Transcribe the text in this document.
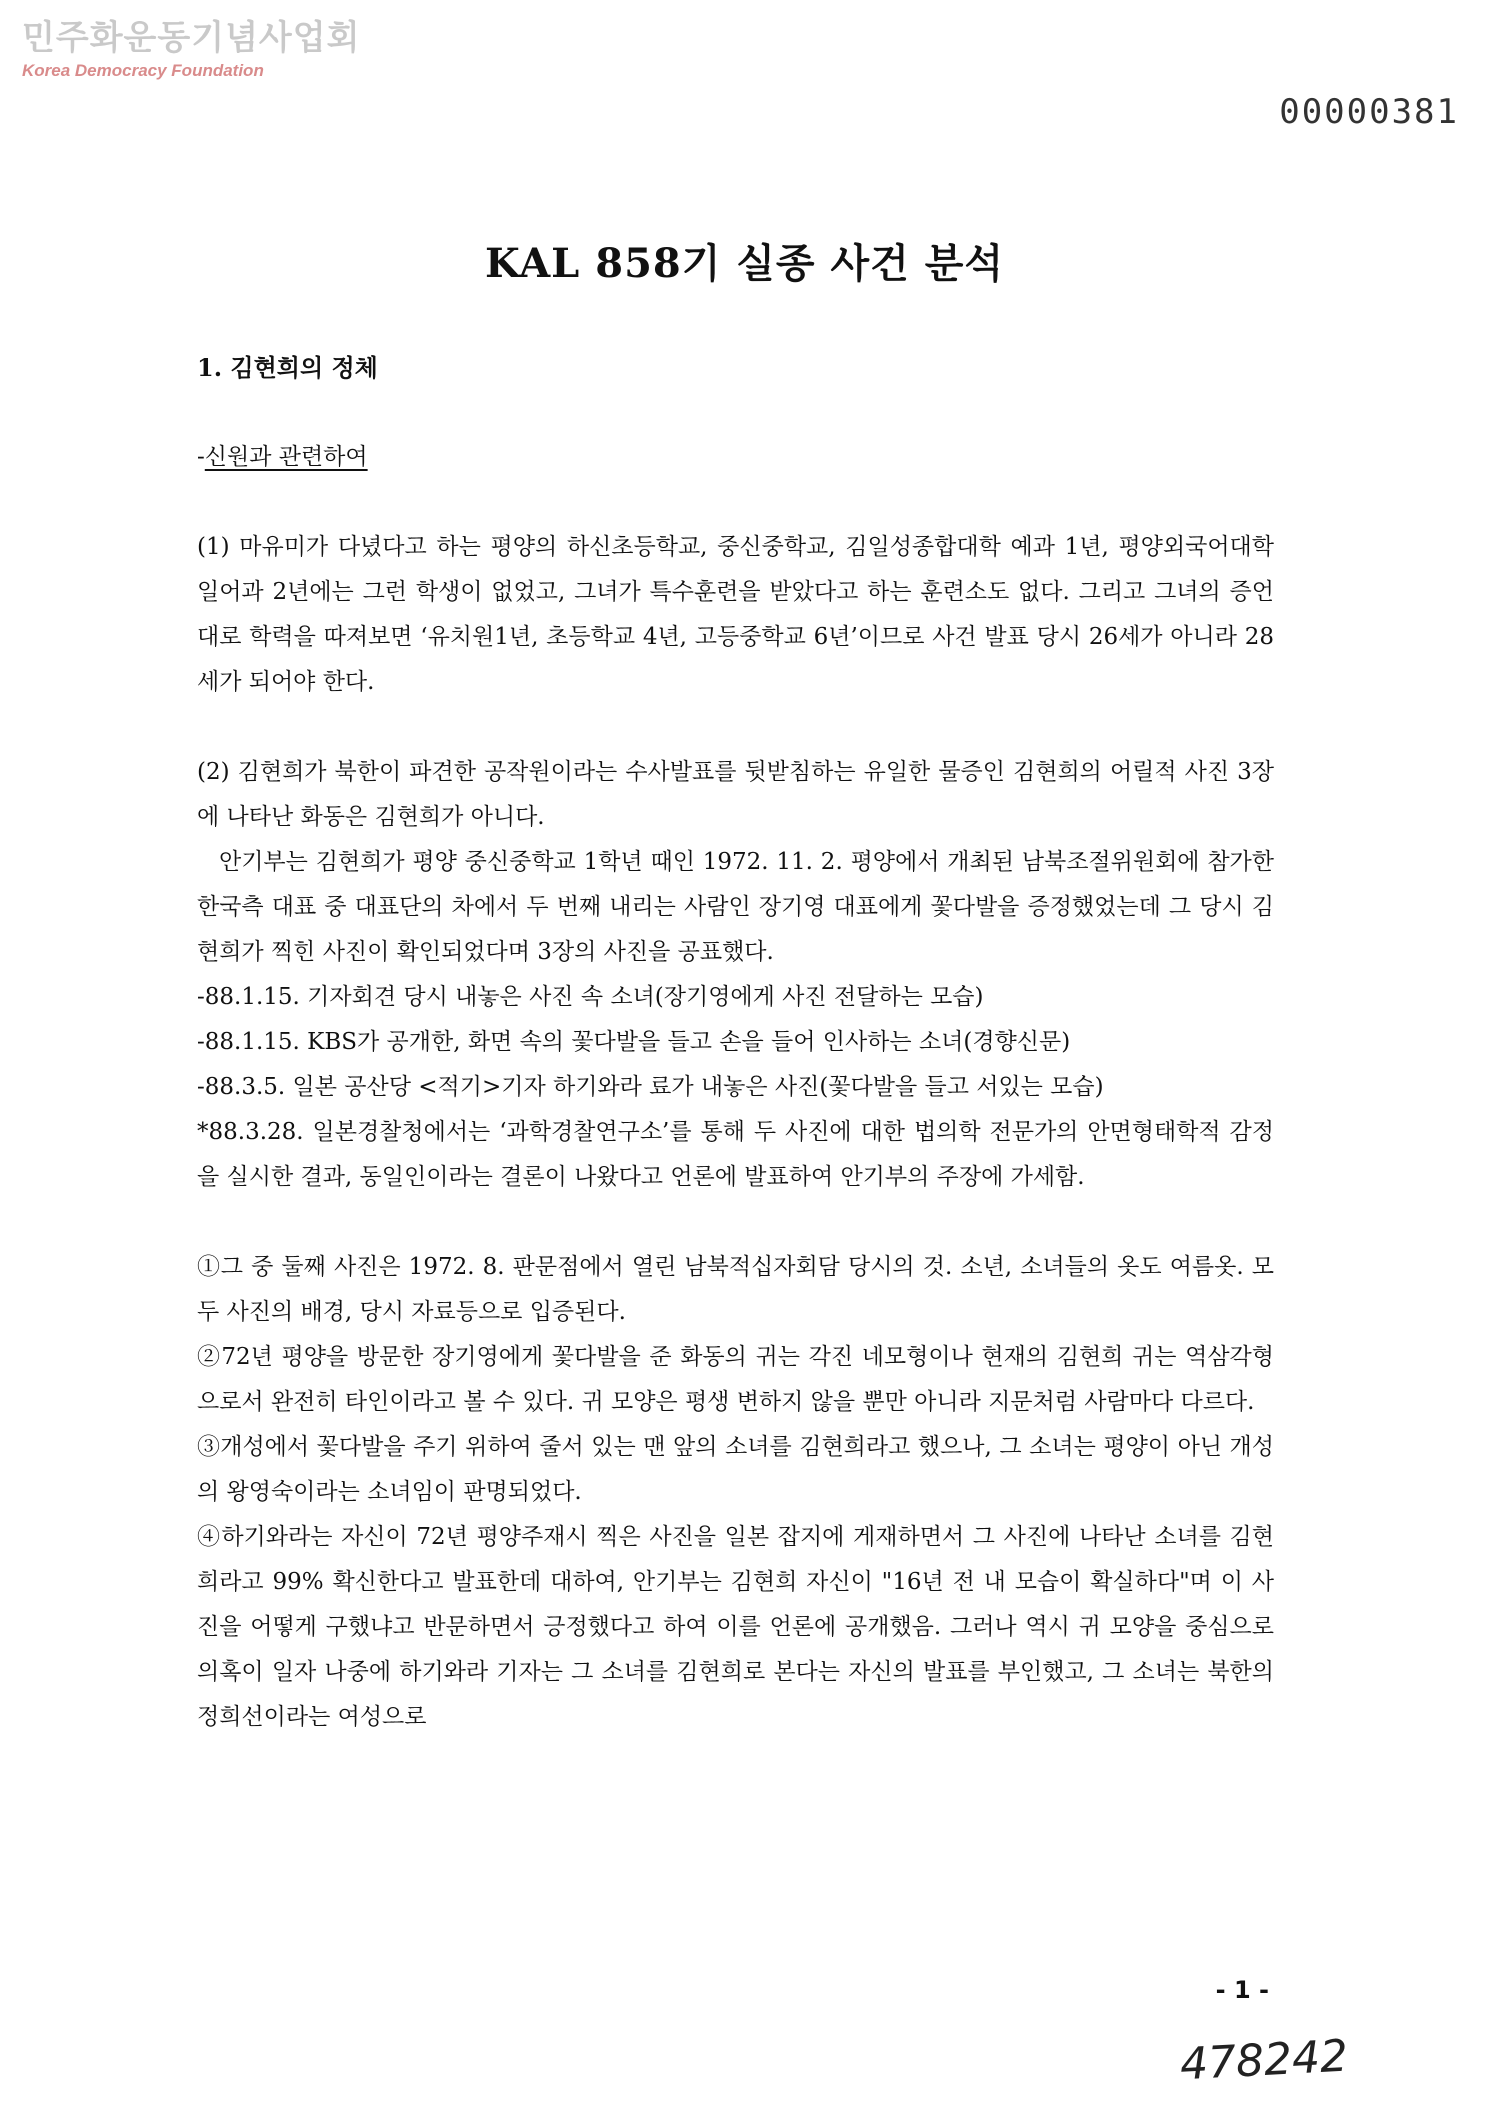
민주화운동기념사업회
Korea Democracy Foundation
00000381
KAL 858기 실종 사건 분석
1. 김현희의 정체
-신원과 관련하여

(1) 마유미가 다녔다고 하는 평양의 하신초등학교, 중신중학교, 김일성종합대학 예과 1년, 평양외국어대학 일어과 2년에는 그런 학생이 없었고, 그녀가 특수훈련을 받았다고 하는 훈련소도 없다. 그리고 그녀의 증언대로 학력을 따져보면 ‘유치원1년, 초등학교 4년, 고등중학교 6년’이므로 사건 발표 당시 26세가 아니라 28세가 되어야 한다.

(2) 김현희가 북한이 파견한 공작원이라는 수사발표를 뒷받침하는 유일한 물증인 김현희의 어릴적 사진 3장에 나타난 화동은 김현희가 아니다.

안기부는 김현희가 평양 중신중학교 1학년 때인 1972. 11. 2. 평양에서 개최된 남북조절위원회에 참가한 한국측 대표 중 대표단의 차에서 두 번째 내리는 사람인 장기영 대표에게 꽃다발을 증정했었는데 그 당시 김현희가 찍힌 사진이 확인되었다며 3장의 사진을 공표했다.

-88.1.15. 기자회견 당시 내놓은 사진 속 소녀(장기영에게 사진 전달하는 모습)

-88.1.15. KBS가 공개한, 화면 속의 꽃다발을 들고 손을 들어 인사하는 소녀(경향신문)

-88.3.5. 일본 공산당 <적기>기자 하기와라 료가 내놓은 사진(꽃다발을 들고 서있는 모습)

*88.3.28. 일본경찰청에서는 ‘과학경찰연구소’를 통해 두 사진에 대한 법의학 전문가의 안면형태학적 감정을 실시한 결과, 동일인이라는 결론이 나왔다고 언론에 발표하여 안기부의 주장에 가세함.

①그 중 둘째 사진은 1972. 8. 판문점에서 열린 남북적십자회담 당시의 것. 소년, 소녀들의 옷도 여름옷. 모두 사진의 배경, 당시 자료등으로 입증된다.

②72년 평양을 방문한 장기영에게 꽃다발을 준 화동의 귀는 각진 네모형이나 현재의 김현희 귀는 역삼각형으로서 완전히 타인이라고 볼 수 있다. 귀 모양은 평생 변하지 않을 뿐만 아니라 지문처럼 사람마다 다르다.

③개성에서 꽃다발을 주기 위하여 줄서 있는 맨 앞의 소녀를 김현희라고 했으나, 그 소녀는 평양이 아닌 개성의 왕영숙이라는 소녀임이 판명되었다.

④하기와라는 자신이 72년 평양주재시 찍은 사진을 일본 잡지에 게재하면서 그 사진에 나타난 소녀를 김현희라고 99% 확신한다고 발표한데 대하여, 안기부는 김현희 자신이 "16년 전 내 모습이 확실하다"며 이 사진을 어떻게 구했냐고 반문하면서 긍정했다고 하여 이를 언론에 공개했음. 그러나 역시 귀 모양을 중심으로 의혹이 일자 나중에 하기와라 기자는 그 소녀를 김현희로 본다는 자신의 발표를 부인했고, 그 소녀는 북한의 정희선이라는 여성으로

- 1 -
478242
